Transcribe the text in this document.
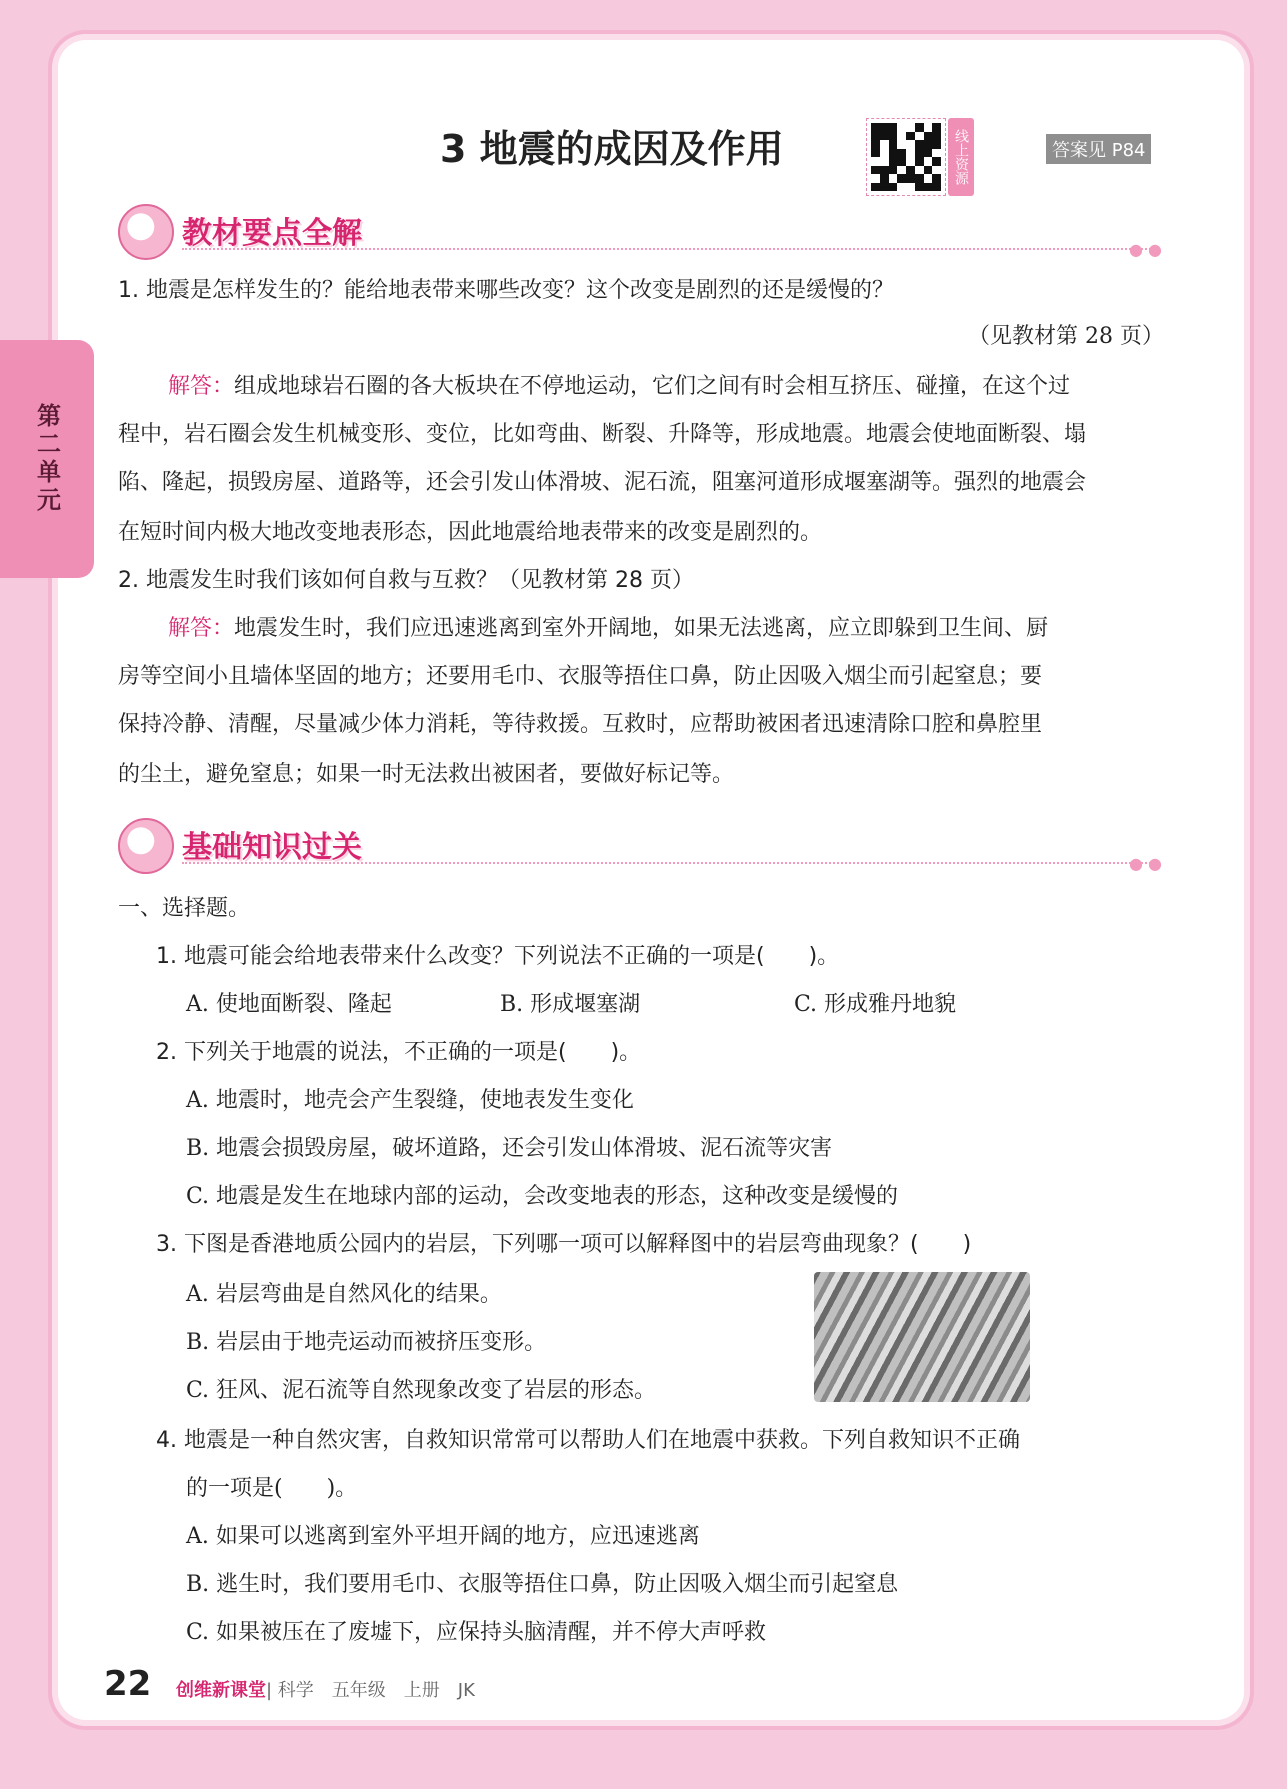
第二单元
3 地震的成因及作用	线上资源	答案见 P84
教材要点全解	● ●
1. 地震是怎样发生的？能给地表带来哪些改变？这个改变是剧烈的还是缓慢的？
（见教材第 28 页）
解答：组成地球岩石圈的各大板块在不停地运动，它们之间有时会相互挤压、碰撞，在这个过
程中，岩石圈会发生机械变形、变位，比如弯曲、断裂、升降等，形成地震。地震会使地面断裂、塌
陷、隆起，损毁房屋、道路等，还会引发山体滑坡、泥石流，阻塞河道形成堰塞湖等。强烈的地震会
在短时间内极大地改变地表形态，因此地震给地表带来的改变是剧烈的。
2. 地震发生时我们该如何自救与互救？（见教材第 28 页）
解答：地震发生时，我们应迅速逃离到室外开阔地，如果无法逃离，应立即躲到卫生间、厨
房等空间小且墙体坚固的地方；还要用毛巾、衣服等捂住口鼻，防止因吸入烟尘而引起窒息；要
保持冷静、清醒，尽量减少体力消耗，等待救援。互救时，应帮助被困者迅速清除口腔和鼻腔里
的尘土，避免窒息；如果一时无法救出被困者，要做好标记等。
基础知识过关	● ●
一、选择题。
1. 地震可能会给地表带来什么改变？下列说法不正确的一项是(　　)。
A. 使地面断裂、隆起	B. 形成堰塞湖	C. 形成雅丹地貌
2. 下列关于地震的说法，不正确的一项是(　　)。
A. 地震时，地壳会产生裂缝，使地表发生变化
B. 地震会损毁房屋，破坏道路，还会引发山体滑坡、泥石流等灾害
C. 地震是发生在地球内部的运动，会改变地表的形态，这种改变是缓慢的
3. 下图是香港地质公园内的岩层，下列哪一项可以解释图中的岩层弯曲现象？(　　)
A. 岩层弯曲是自然风化的结果。
B. 岩层由于地壳运动而被挤压变形。
C. 狂风、泥石流等自然现象改变了岩层的形态。
4. 地震是一种自然灾害，自救知识常常可以帮助人们在地震中获救。下列自救知识不正确
的一项是(　　)。
A. 如果可以逃离到室外平坦开阔的地方，应迅速逃离
B. 逃生时，我们要用毛巾、衣服等捂住口鼻，防止因吸入烟尘而引起窒息
C. 如果被压在了废墟下，应保持头脑清醒，并不停大声呼救
22 创维新课堂| 科学　五年级　上册　JK
